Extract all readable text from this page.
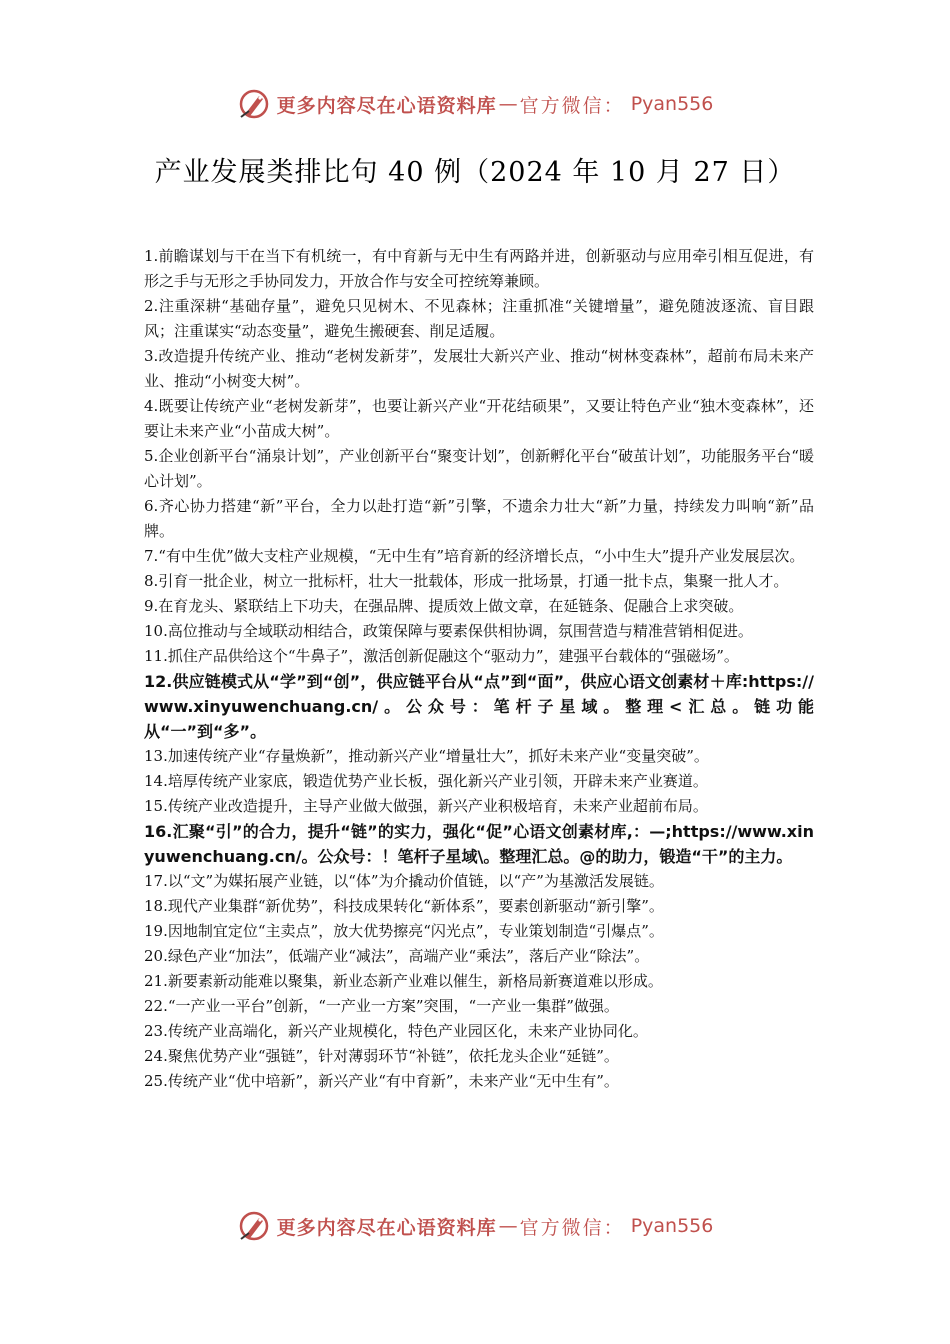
更多内容尽在心语资料库 — 官方微信： Pyan556
产业发展类排比句 40 例（2024 年 10 月 27 日）

1.前瞻谋划与干在当下有机统一，有中育新与无中生有两路并进，创新驱动与应用牵引相互促进，有形之手与无形之手协同发力，开放合作与安全可控统筹兼顾。

2.注重深耕“基础存量”，避免只见树木、不见森林；注重抓准“关键增量”，避免随波逐流、盲目跟风；注重谋实“动态变量”，避免生搬硬套、削足适履。

3.改造提升传统产业、推动“老树发新芽”，发展壮大新兴产业、推动“树林变森林”，超前布局未来产业、推动“小树变大树”。

4.既要让传统产业“老树发新芽”，也要让新兴产业“开花结硕果”，又要让特色产业“独木变森林”，还要让未来产业“小苗成大树”。

5.企业创新平台“涌泉计划”，产业创新平台“聚变计划”，创新孵化平台“破茧计划”，功能服务平台“暖心计划”。

6.齐心协力搭建“新”平台，全力以赴打造“新”引擎，不遗余力壮大“新”力量，持续发力叫响“新”品牌。

7.“有中生优”做大支柱产业规模，“无中生有”培育新的经济增长点，“小中生大”提升产业发展层次。

8.引育一批企业，树立一批标杆，壮大一批载体，形成一批场景，打通一批卡点，集聚一批人才。

9.在育龙头、紧联结上下功夫，在强品牌、提质效上做文章，在延链条、促融合上求突破。

10.高位推动与全域联动相结合，政策保障与要素保供相协调，氛围营造与精准营销相促进。

11.抓住产品供给这个“牛鼻子”，激活创新促融这个“驱动力”，建强平台载体的“强磁场”。

12.供应链模式从“学”到“创”，供应链平台从“点”到“面”，供应心语文创素材＋库:https://www.xinyuwenchuang.cn/。公众号：笔杆子星域。整理<汇总。链功能从“一”到“多”。

13.加速传统产业“存量焕新”，推动新兴产业“增量壮大”，抓好未来产业“变量突破”。

14.培厚传统产业家底，锻造优势产业长板，强化新兴产业引领，开辟未来产业赛道。

15.传统产业改造提升，主导产业做大做强，新兴产业积极培育，未来产业超前布局。

16.汇聚“引”的合力，提升“链”的实力，强化“促”心语文创素材库,：—;https://www.xinyuwenchuang.cn/。公众号：！笔杆子星域\。整理汇总。@的助力，锻造“干”的主力。

17.以“文”为媒拓展产业链，以“体”为介撬动价值链，以“产”为基激活发展链。

18.现代产业集群“新优势”，科技成果转化“新体系”，要素创新驱动“新引擎”。

19.因地制宜定位“主卖点”，放大优势擦亮“闪光点”，专业策划制造“引爆点”。

20.绿色产业“加法”，低端产业“减法”，高端产业“乘法”，落后产业“除法”。

21.新要素新动能难以聚集，新业态新产业难以催生，新格局新赛道难以形成。

22.“一产业一平台”创新，“一产业一方案”突围，“一产业一集群”做强。

23.传统产业高端化，新兴产业规模化，特色产业园区化，未来产业协同化。

24.聚焦优势产业“强链”，针对薄弱环节“补链”，依托龙头企业“延链”。

25.传统产业“优中培新”，新兴产业“有中育新”，未来产业“无中生有”。

更多内容尽在心语资料库 — 官方微信： Pyan556
